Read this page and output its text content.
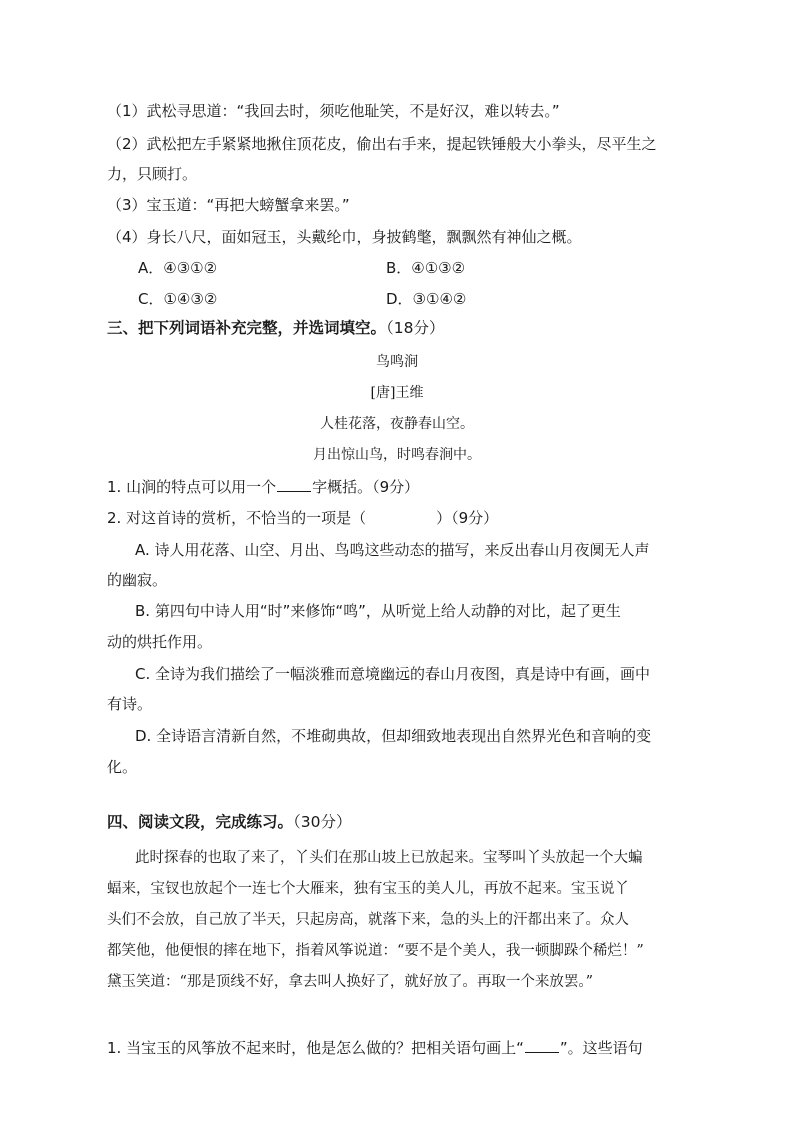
（1）武松寻思道：“我回去时，须吃他耻笑，不是好汉，难以转去。”
（2）武松把左手紧紧地揪住顶花皮，偷出右手来，提起铁锤般大小拳头，尽平生之
力，只顾打。
（3）宝玉道：“再把大螃蟹拿来罢。”
（4）身长八尺，面如冠玉，头戴纶巾，身披鹤氅，飘飘然有神仙之概。
A．④③①②	B．④①③②
C．①④③②	D．③①④②
三、把下列词语补充完整，并选词填空。（18分）
鸟鸣涧
[唐]王维
人桂花落，夜静春山空。
月出惊山鸟，时鸣春涧中。
1. 山涧的特点可以用一个 字概括。（9分）
2. 对这首诗的赏析，不恰当的一项是（	）（9分）
A. 诗人用花落、山空、月出、鸟鸣这些动态的描写，来反出春山月夜阒无人声
的幽寂。
B. 第四句中诗人用“时”来修饰“鸣”，从听觉上给人动静的对比，起了更生
动的烘托作用。
C. 全诗为我们描绘了一幅淡雅而意境幽远的春山月夜图，真是诗中有画，画中
有诗。
D. 全诗语言清新自然，不堆砌典故，但却细致地表现出自然界光色和音响的变
化。
四、阅读文段，完成练习。（30分）
此时探春的也取了来了，丫头们在那山坡上已放起来。宝琴叫丫头放起一个大蝙
蝠来，宝钗也放起个一连七个大雁来，独有宝玉的美人儿，再放不起来。宝玉说丫
头们不会放，自己放了半天，只起房高，就落下来，急的头上的汗都出来了。众人
都笑他，他便恨的摔在地下，指着风筝说道：“要不是个美人，我一顿脚跺个稀烂！”
黛玉笑道：“那是顶线不好，拿去叫人换好了，就好放了。再取一个来放罢。”
1. 当宝玉的风筝放不起来时，他是怎么做的？把相关语句画上“ ”。这些语句
